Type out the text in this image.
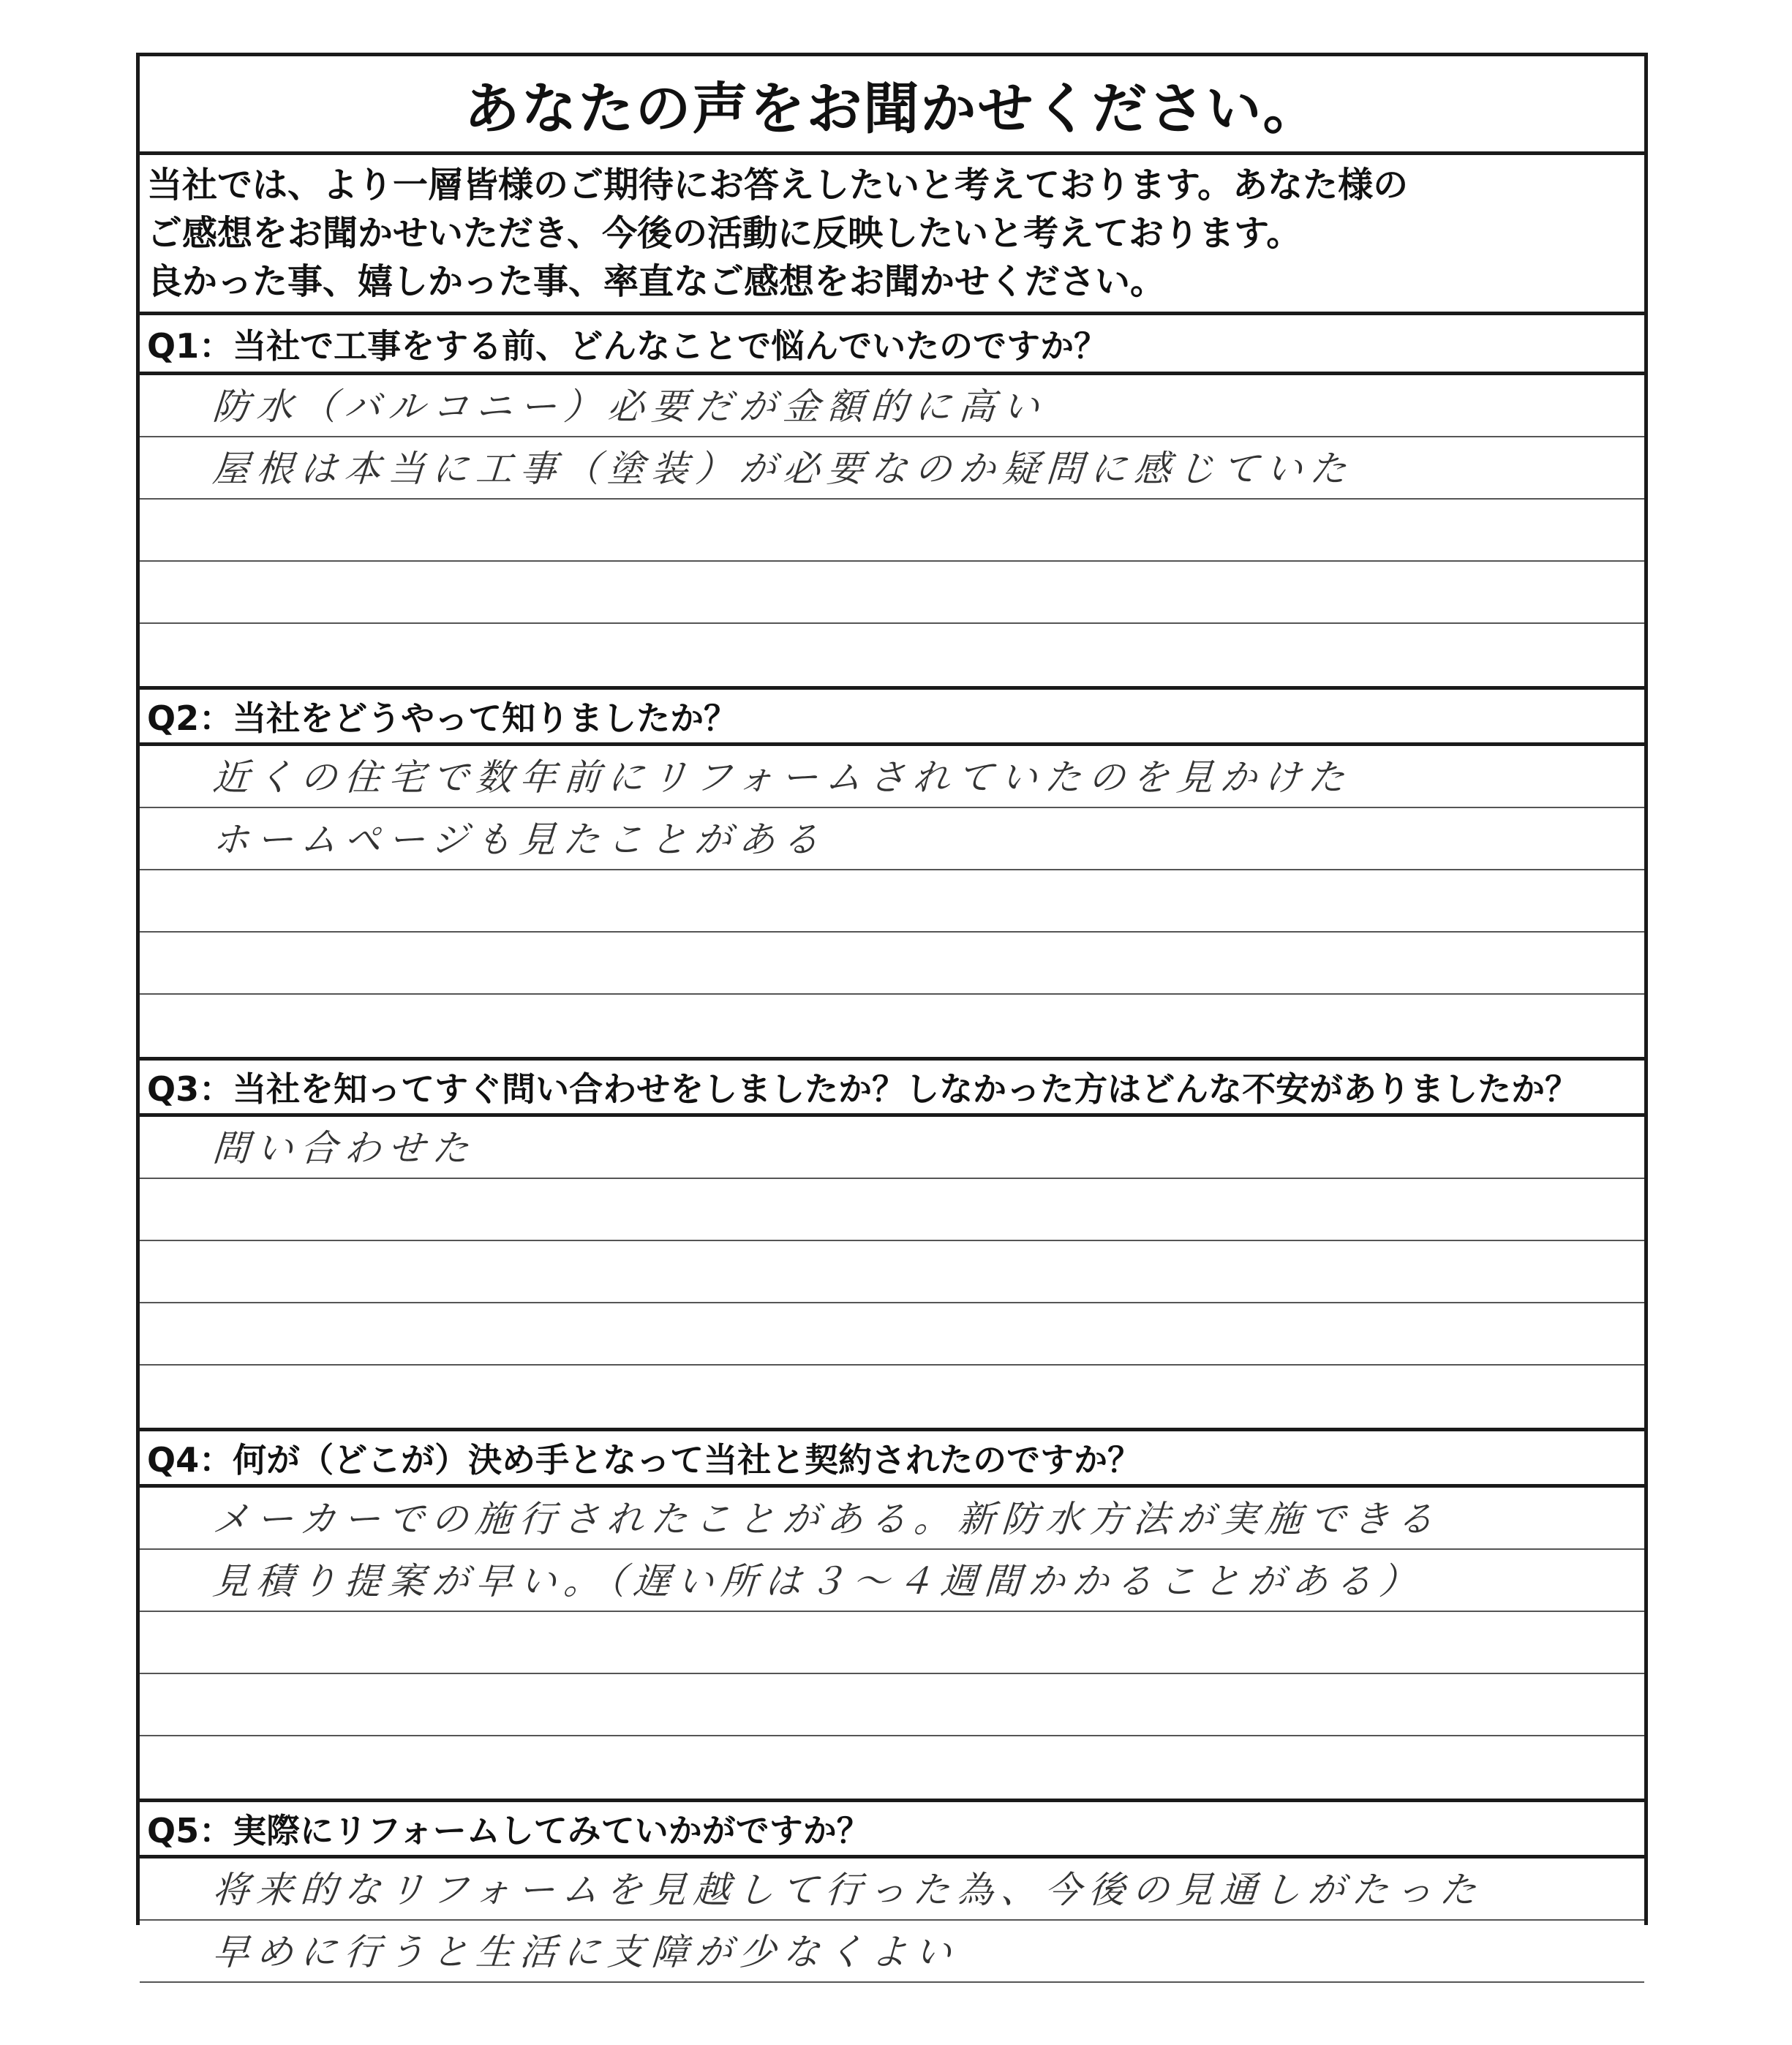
あなたの声をお聞かせください。
当社では、より一層皆様のご期待にお答えしたいと考えております。あなた様の
ご感想をお聞かせいただき、今後の活動に反映したいと考えております。
良かった事、嬉しかった事、率直なご感想をお聞かせください。
Q1：当社で工事をする前、どんなことで悩んでいたのですか？
防水（バルコニー）必要だが金額的に高い
屋根は本当に工事（塗装）が必要なのか疑問に感じていた
Q2：当社をどうやって知りましたか？
近くの住宅で数年前にリフォームされていたのを見かけた
ホームページも見たことがある
Q3：当社を知ってすぐ問い合わせをしましたか？しなかった方はどんな不安がありましたか？
問い合わせた
Q4：何が（どこが）決め手となって当社と契約されたのですか？
メーカーでの施行されたことがある。新防水方法が実施できる
見積り提案が早い。（遅い所は３～４週間かかることがある）
Q5：実際にリフォームしてみていかがですか？
将来的なリフォームを見越して行った為、今後の見通しがたった
早めに行うと生活に支障が少なくよい
